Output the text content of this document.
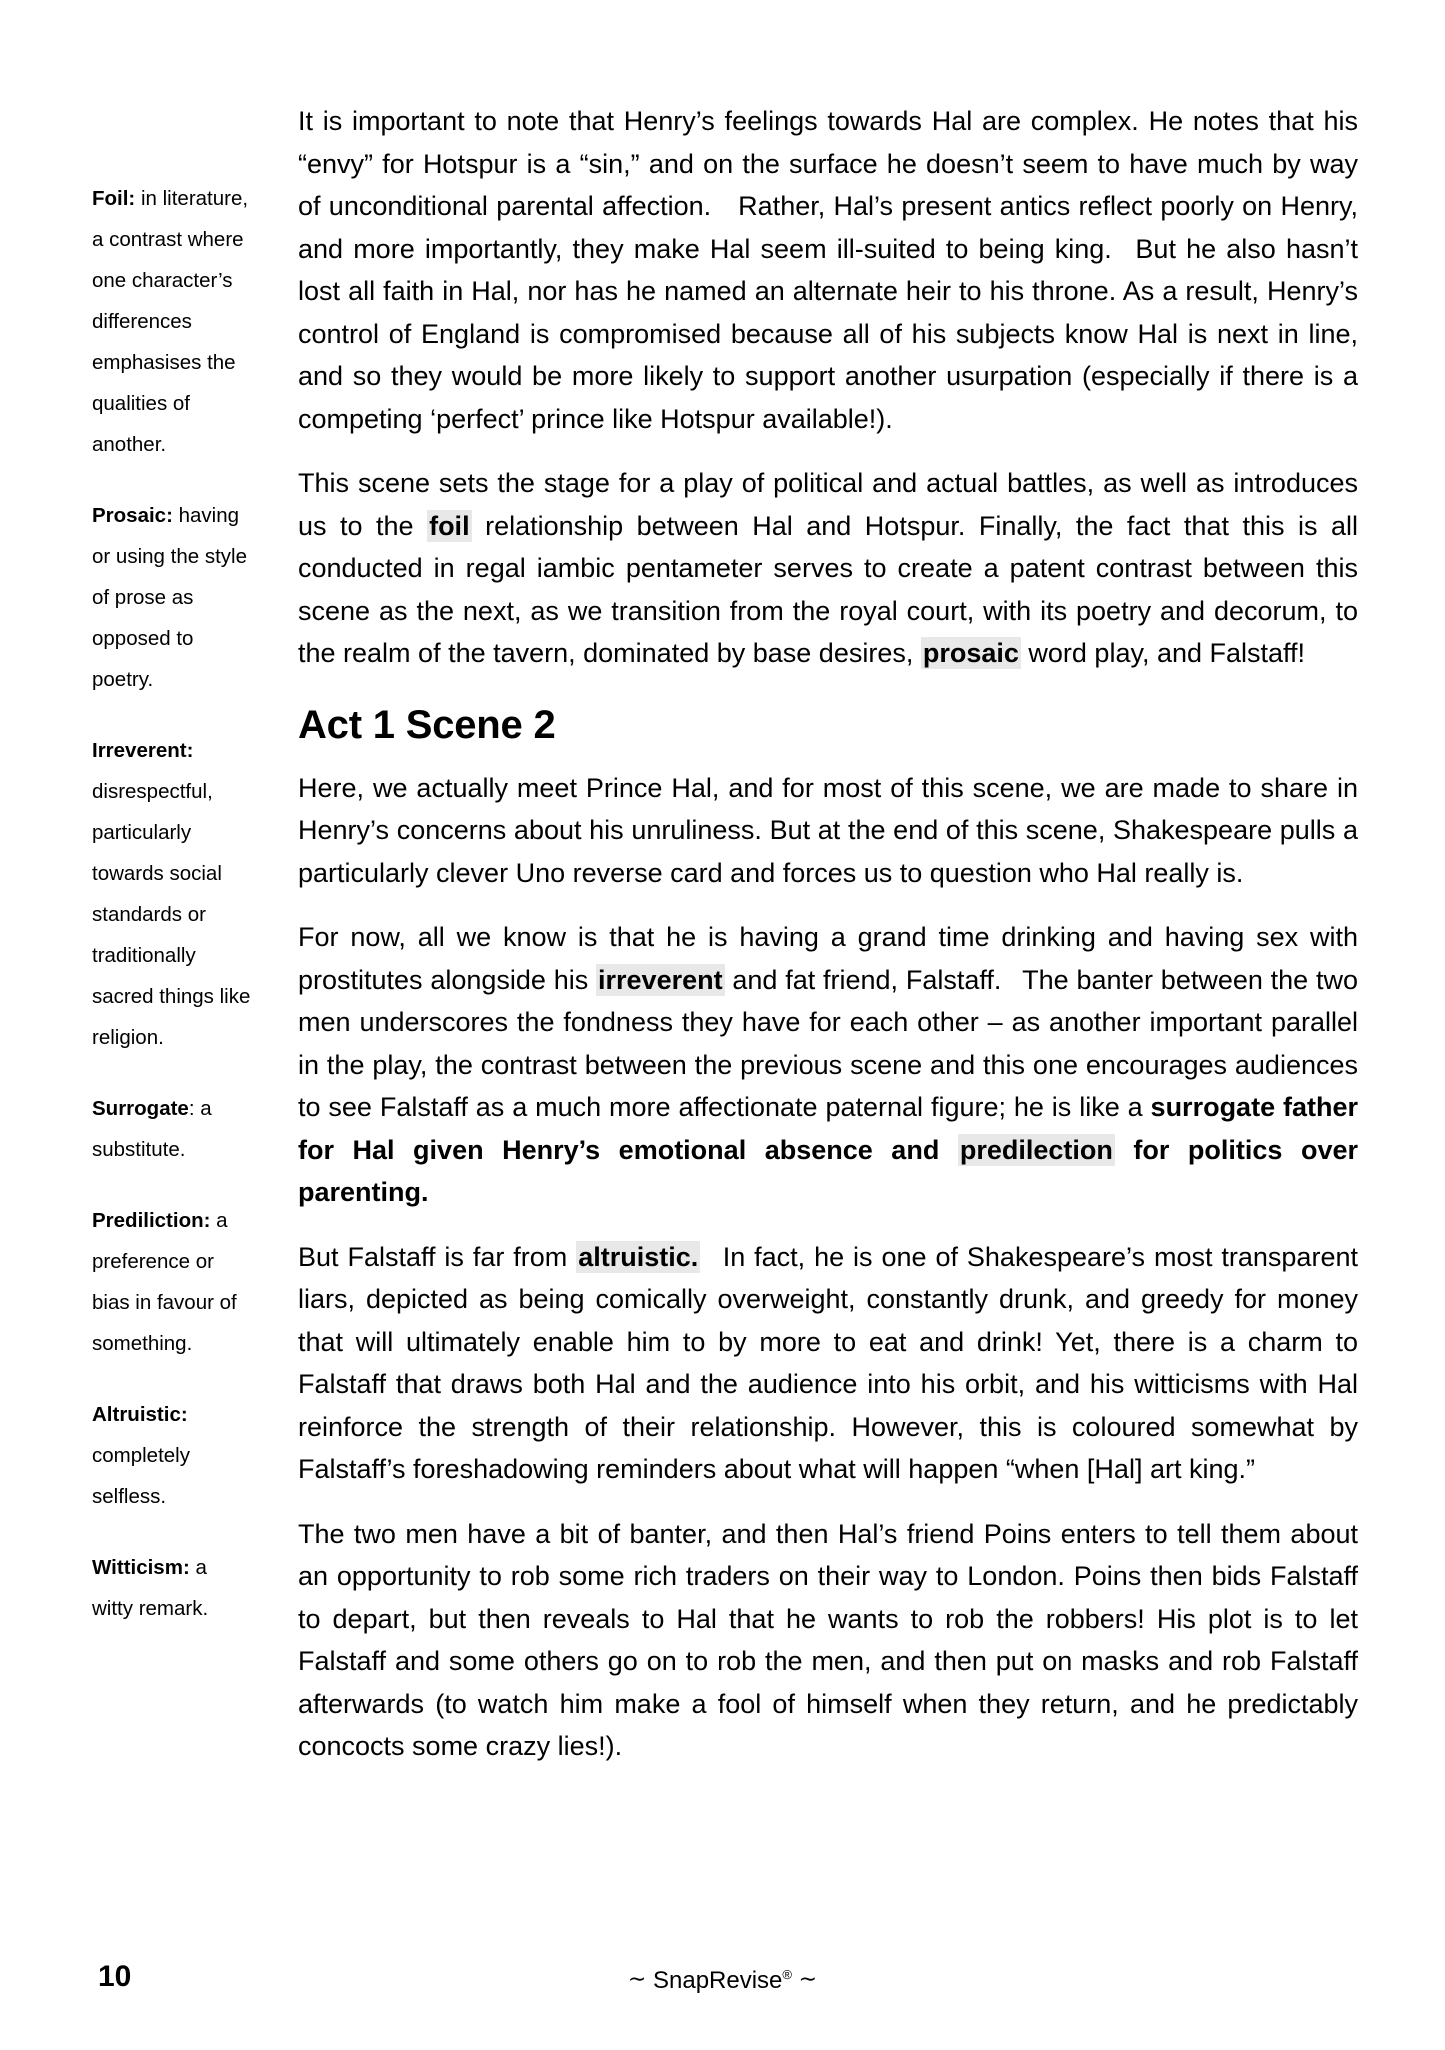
Foil: in literature, a contrast where one character’s differences emphasises the qualities of another.
Prosaic: having or using the style of prose as opposed to poetry.
Irreverent: disrespectful, particularly towards social standards or traditionally sacred things like religion.
Surrogate: a substitute.
Prediliction: a preference or bias in favour of something.
Altruistic: completely selfless.
Witticism: a witty remark.

It is important to note that Henry’s feelings towards Hal are complex. He notes that his “envy” for Hotspur is a “sin,” and on the surface he doesn’t seem to have much by way of unconditional parental affection. Rather, Hal’s present antics reflect poorly on Henry, and more importantly, they make Hal seem ill-suited to being king.  But he also hasn’t lost all faith in Hal, nor has he named an alternate heir to his throne. As a result, Henry’s control of England is compromised because all of his subjects know Hal is next in line, and so they would be more likely to support another usurpation (especially if there is a competing ‘perfect’ prince like Hotspur available!).

This scene sets the stage for a play of political and actual battles, as well as introduces us to the foil relationship between Hal and Hotspur. Finally, the fact that this is all conducted in regal iambic pentameter serves to create a patent contrast between this scene as the next, as we transition from the royal court, with its poetry and decorum, to the realm of the tavern, dominated by base desires, prosaic word play, and Falstaff!

Act 1 Scene 2

Here, we actually meet Prince Hal, and for most of this scene, we are made to share in Henry’s concerns about his unruliness. But at the end of this scene, Shakespeare pulls a particularly clever Uno reverse card and forces us to question who Hal really is.

For now, all we know is that he is having a grand time drinking and having sex with prostitutes alongside his irreverent and fat friend, Falstaff.  The banter between the two men underscores the fondness they have for each other – as another important parallel in the play, the contrast between the previous scene and this one encourages audiences to see Falstaff as a much more affectionate paternal figure; he is like a surrogate father for Hal given Henry’s emotional absence and predilection for politics over parenting.

But Falstaff is far from altruistic.  In fact, he is one of Shakespeare’s most transparent liars, depicted as being comically overweight, constantly drunk, and greedy for money that will ultimately enable him to by more to eat and drink! Yet, there is a charm to Falstaff that draws both Hal and the audience into his orbit, and his witticisms with Hal reinforce the strength of their relationship. However, this is coloured somewhat by Falstaff’s foreshadowing reminders about what will happen “when [Hal] art king.”

The two men have a bit of banter, and then Hal’s friend Poins enters to tell them about an opportunity to rob some rich traders on their way to London. Poins then bids Falstaff to depart, but then reveals to Hal that he wants to rob the robbers! His plot is to let Falstaff and some others go on to rob the men, and then put on masks and rob Falstaff afterwards (to watch him make a fool of himself when they return, and he predictably concocts some crazy lies!).

10	∼ SnapRevise® ∼
